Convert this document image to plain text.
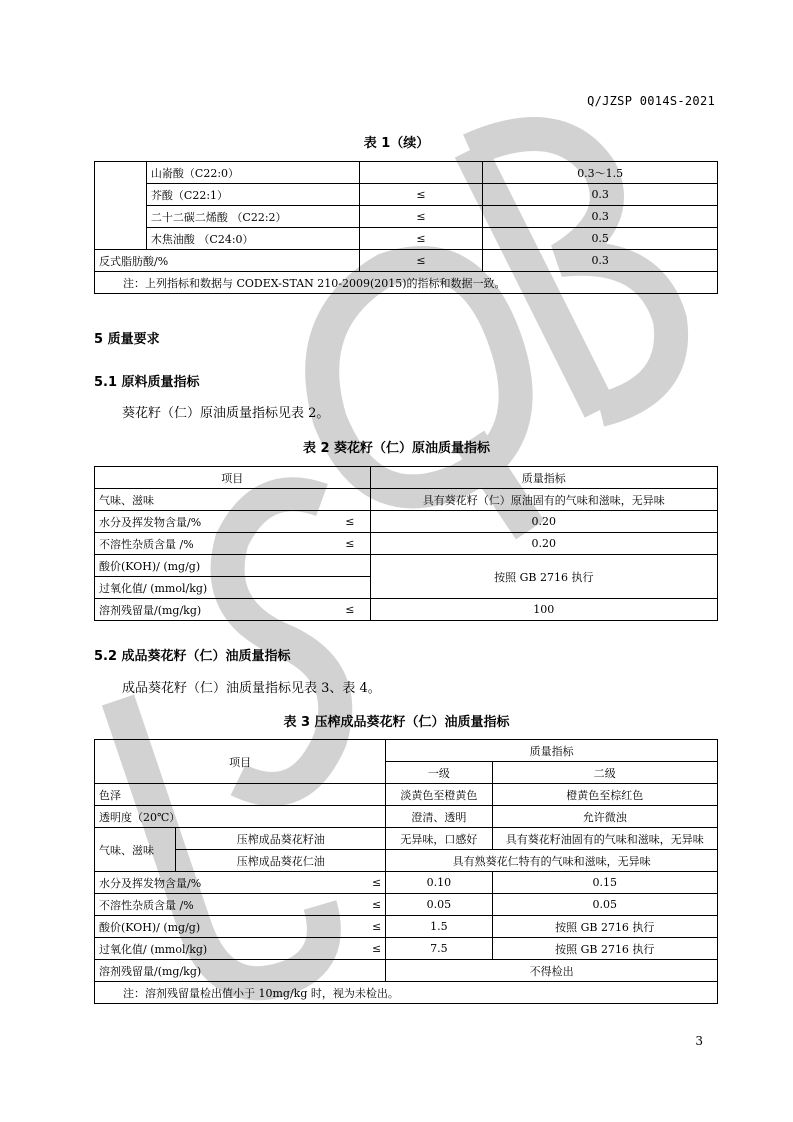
Q/JZSP 0014S-2021
表 1（续）
	山嵛酸（C22:0）		0.3～1.5
	芥酸（C22:1）	≤	0.3
	二十二碳二烯酸 （C22:2）	≤	0.3
	木焦油酸 （C24:0）	≤	0.5
反式脂肪酸/%		≤	0.3
注：上列指标和数据与 CODEX-STAN 210-2009(2015)的指标和数据一致。			
5 质量要求
5.1 原料质量指标
葵花籽（仁）原油质量指标见表 2。
表 2 葵花籽（仁）原油质量指标
项目		质量指标
气味、滋味		具有葵花籽（仁）原油固有的气味和滋味，无异味
水分及挥发物含量/%	≤	0.20
不溶性杂质含量 /%	≤	0.20
酸价(KOH)/ (mg/g)		按照 GB 2716 执行
过氧化值/ (mmol/kg)		
溶剂残留量/(mg/kg)	≤	100
5.2 成品葵花籽（仁）油质量指标
成品葵花籽（仁）油质量指标见表 3、表 4。
表 3 压榨成品葵花籽（仁）油质量指标
项目			质量指标	
			一级	二级
色泽			淡黄色至橙黄色	橙黄色至棕红色
透明度（20℃）			澄清、透明	允许微浊
气味、滋味	压榨成品葵花籽油		无异味，口感好	具有葵花籽油固有的气味和滋味，无异味
	压榨成品葵花仁油		具有熟葵花仁特有的气味和滋味，无异味	
水分及挥发物含量/%		≤	0.10	0.15
不溶性杂质含量 /%		≤	0.05	0.05
酸价(KOH)/ (mg/g)		≤	1.5	按照 GB 2716 执行
过氧化值/ (mmol/kg)		≤	7.5	按照 GB 2716 执行
溶剂残留量/(mg/kg)			不得检出	
注：溶剂残留量检出值小于 10mg/kg 时，视为未检出。				
3
